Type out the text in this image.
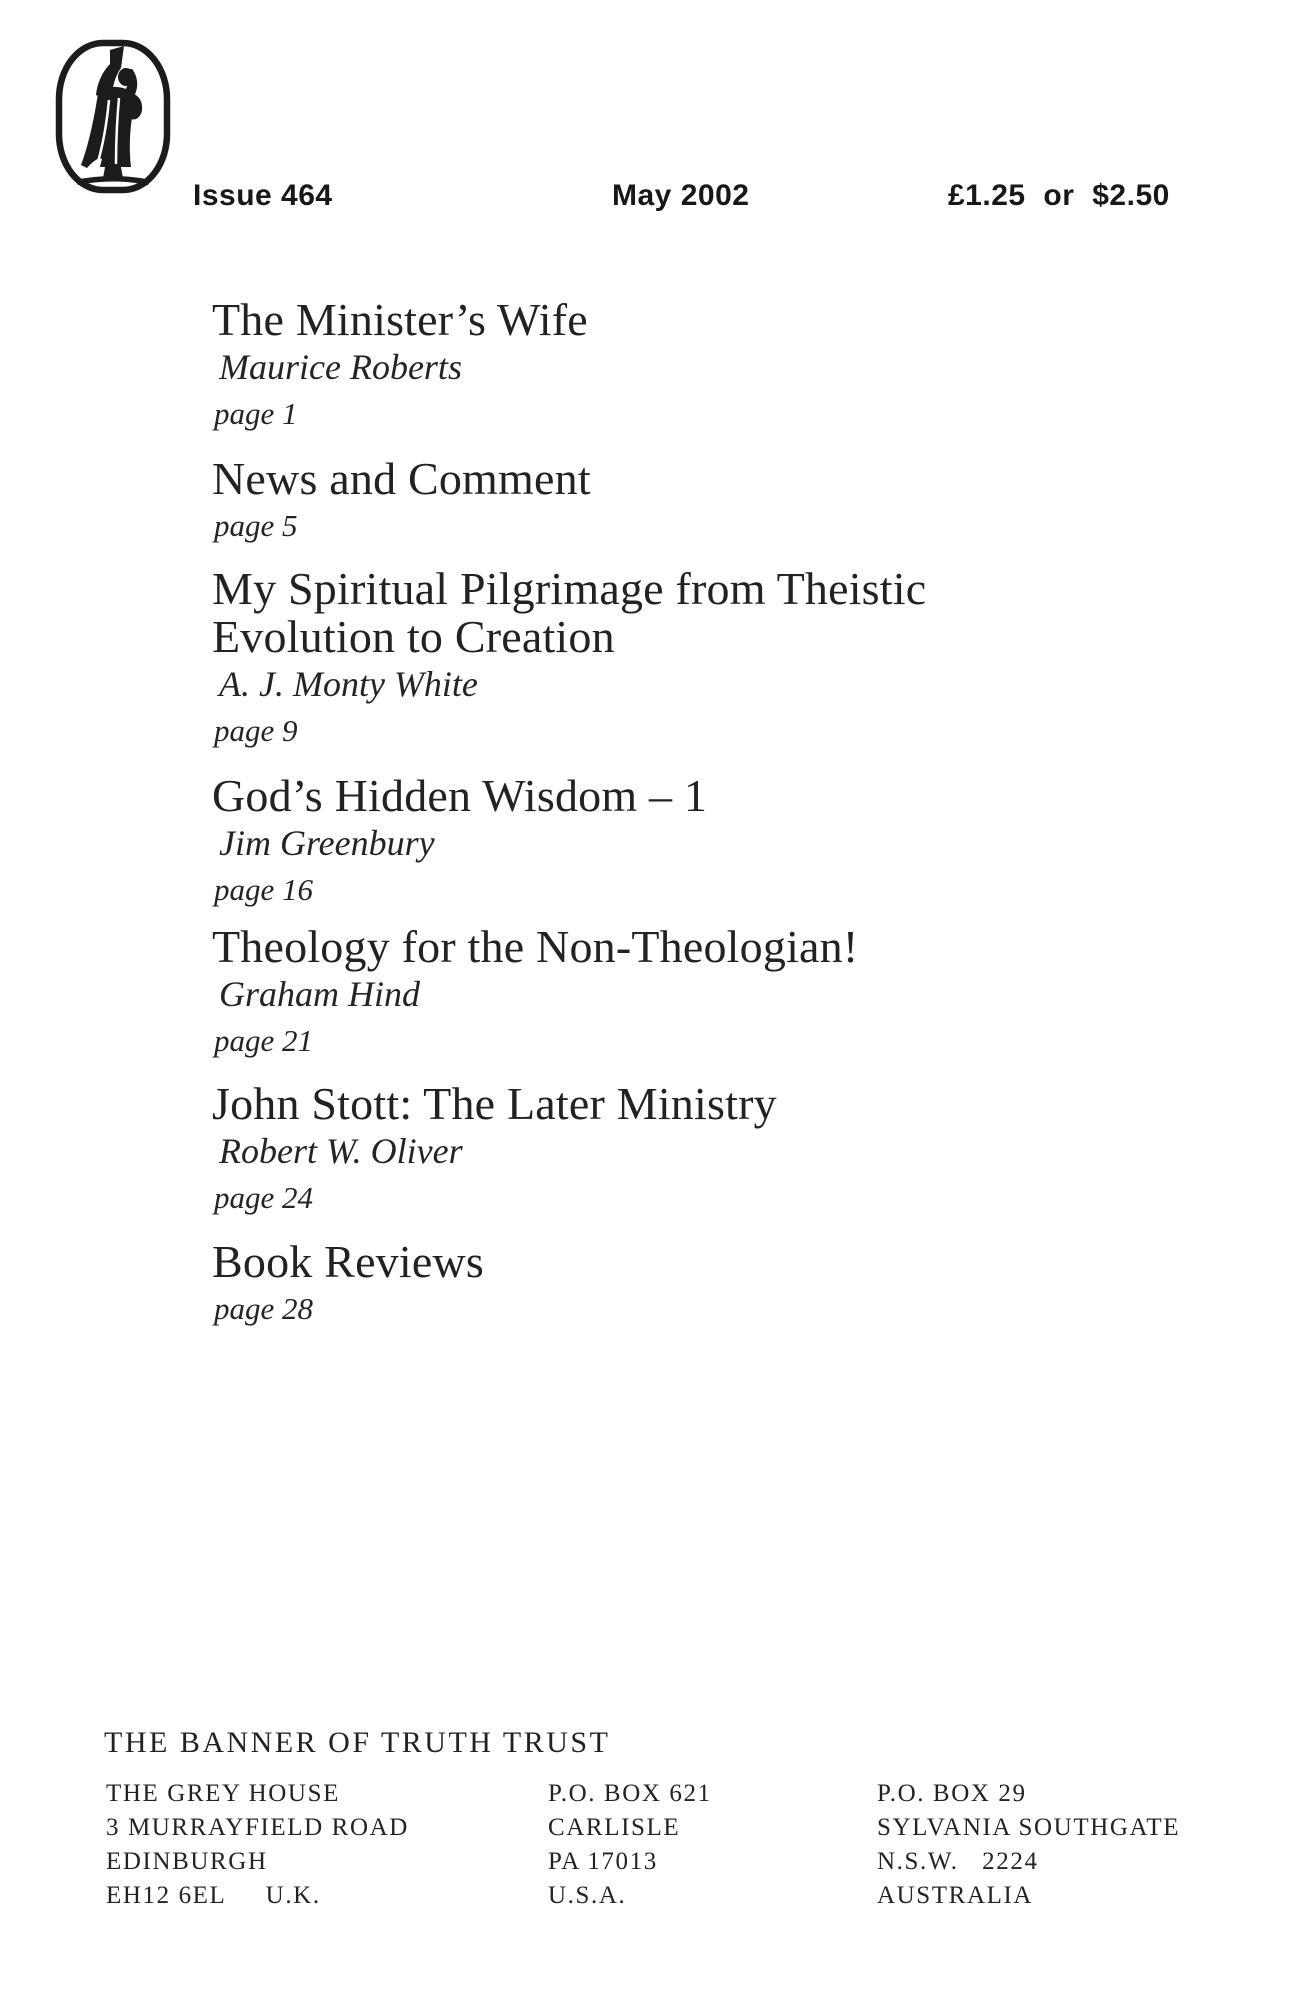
Issue 464	May 2002	£1.25 or $2.50
The Minister’s Wife
Maurice Roberts
page 1
News and Comment
page 5
My Spiritual Pilgrimage from Theistic
Evolution to Creation
A. J. Monty White
page 9
God’s Hidden Wisdom – 1
Jim Greenbury
page 16
Theology for the Non-Theologian!
Graham Hind
page 21
John Stott: The Later Ministry
Robert W. Oliver
page 24
Book Reviews
page 28
THE BANNER OF TRUTH TRUST
THE GREY HOUSE
3 MURRAYFIELD ROAD
EDINBURGH
EH12 6EL     U.K.
P.O. BOX 621
CARLISLE
PA 17013
U.S.A.
P.O. BOX 29
SYLVANIA SOUTHGATE
N.S.W.   2224
AUSTRALIA
